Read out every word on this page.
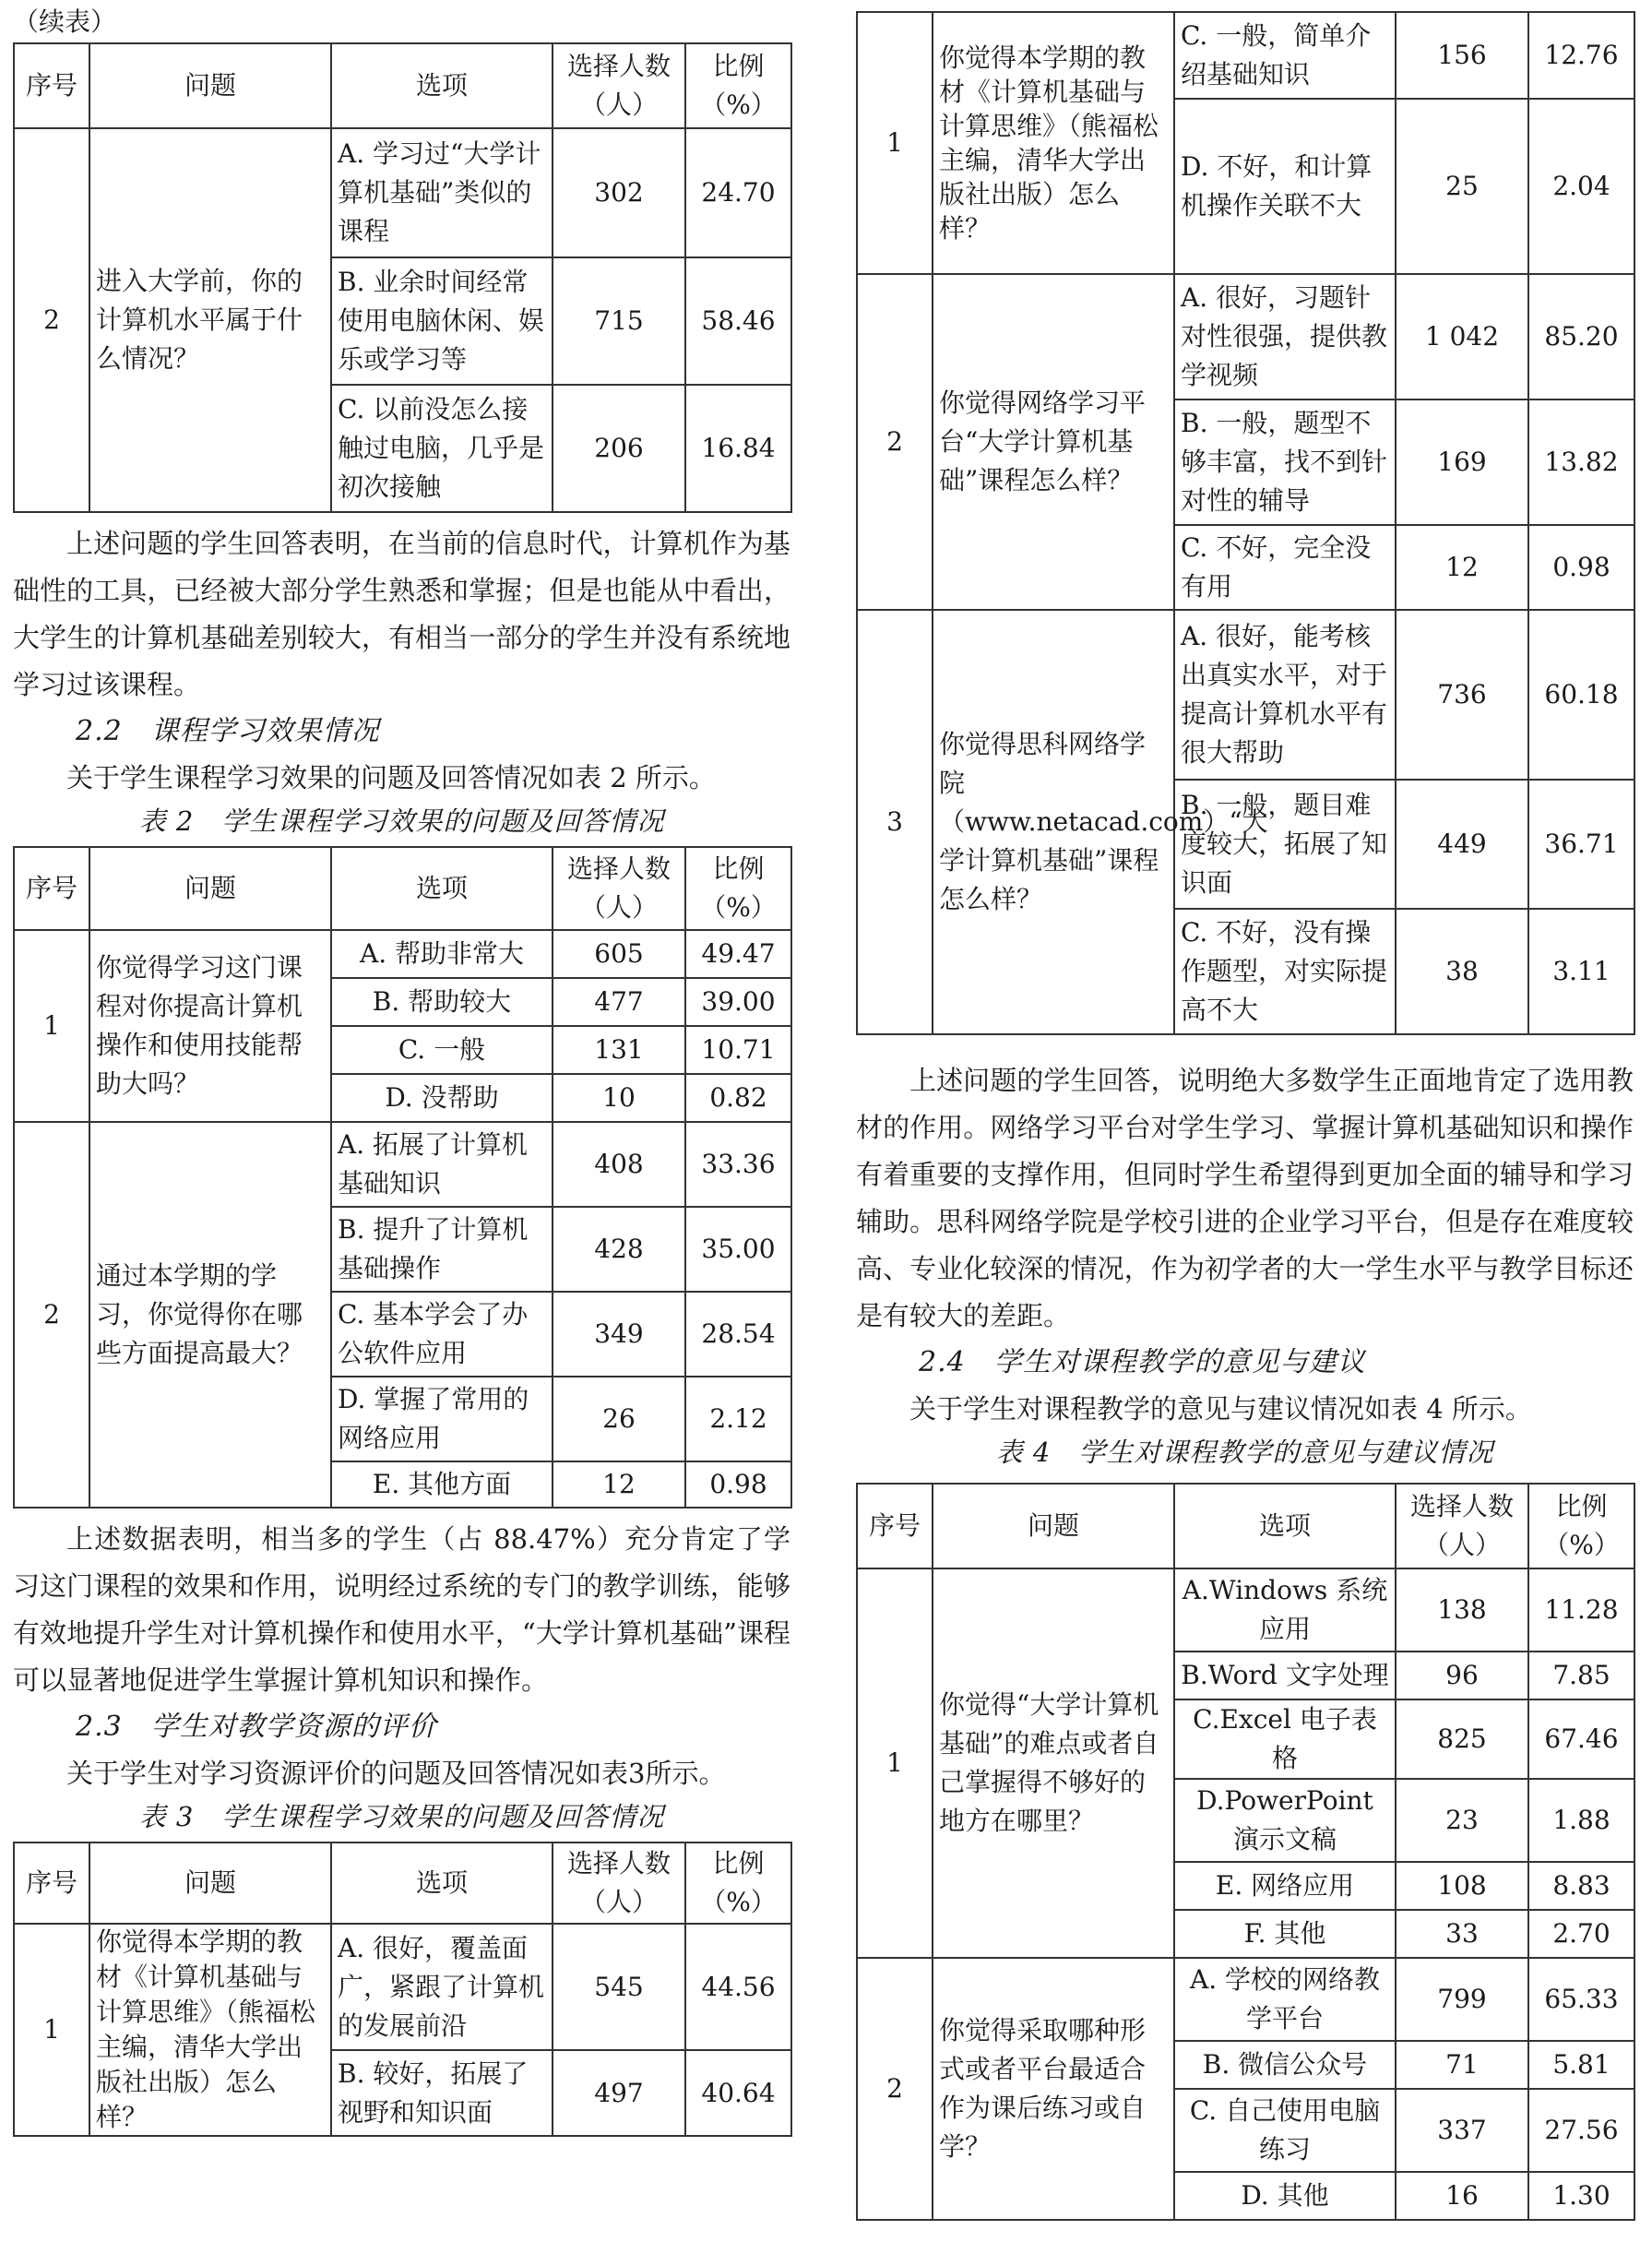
（续表）

序号	问题	选项	选择人数（人）	比例（%）
2	进入大学前，你的计算机水平属于什么情况？	A. 学习过“大学计算机基础”类似的课程	302	24.70
		B. 业余时间经常使用电脑休闲、娱乐或学习等	715	58.46
		C. 以前没怎么接触过电脑，几乎是初次接触	206	16.84

上述问题的学生回答表明，在当前的信息时代，计算机作为基础性的工具，已经被大部分学生熟悉和掌握；但是也能从中看出，大学生的计算机基础差别较大，有相当一部分的学生并没有系统地学习过该课程。

2.2　课程学习效果情况

关于学生课程学习效果的问题及回答情况如表 2 所示。

表 2　学生课程学习效果的问题及回答情况

序号	问题	选项	选择人数（人）	比例（%）
1	你觉得学习这门课程对你提高计算机操作和使用技能帮助大吗？	A. 帮助非常大	605	49.47
		B. 帮助较大	477	39.00
		C. 一般	131	10.71
		D. 没帮助	10	0.82
2	通过本学期的学习，你觉得你在哪些方面提高最大？	A. 拓展了计算机基础知识	408	33.36
		B. 提升了计算机基础操作	428	35.00
		C. 基本学会了办公软件应用	349	28.54
		D. 掌握了常用的网络应用	26	2.12
		E. 其他方面	12	0.98

上述数据表明，相当多的学生（占 88.47%）充分肯定了学习这门课程的效果和作用，说明经过系统的专门的教学训练，能够有效地提升学生对计算机操作和使用水平，“大学计算机基础”课程可以显著地促进学生掌握计算机知识和操作。

2.3　学生对教学资源的评价

关于学生对学习资源评价的问题及回答情况如表3所示。

表 3　学生课程学习效果的问题及回答情况

序号	问题	选项	选择人数（人）	比例（%）
1	你觉得本学期的教材《计算机基础与计算思维》（熊福松主编，清华大学出版社出版）怎么样？	A. 很好，覆盖面广，紧跟了计算机的发展前沿	545	44.56
		B. 较好，拓展了视野和知识面	497	40.64
1	你觉得本学期的教材《计算机基础与计算思维》（熊福松主编，清华大学出版社出版）怎么样？	C. 一般，简单介绍基础知识	156	12.76
		D. 不好，和计算机操作关联不大	25	2.04
2	你觉得网络学习平台“大学计算机基础”课程怎么样？	A. 很好，习题针对性很强，提供教学视频	1 042	85.20
		B. 一般，题型不够丰富，找不到针对性的辅导	169	13.82
		C. 不好，完全没有用	12	0.98
3	你觉得思科网络学院（www.netacad.com）“大学计算机基础”课程怎么样？	A. 很好，能考核出真实水平，对于提高计算机水平有很大帮助	736	60.18
		B. 一般，题目难度较大，拓展了知识面	449	36.71
		C. 不好，没有操作题型，对实际提高不大	38	3.11

上述问题的学生回答，说明绝大多数学生正面地肯定了选用教材的作用。网络学习平台对学生学习、掌握计算机基础知识和操作有着重要的支撑作用，但同时学生希望得到更加全面的辅导和学习辅助。思科网络学院是学校引进的企业学习平台，但是存在难度较高、专业化较深的情况，作为初学者的大一学生水平与教学目标还是有较大的差距。

2.4　学生对课程教学的意见与建议

关于学生对课程教学的意见与建议情况如表 4 所示。

表 4　学生对课程教学的意见与建议情况

序号	问题	选项	选择人数（人）	比例（%）
1	你觉得“大学计算机基础”的难点或者自己掌握得不够好的地方在哪里？	A.Windows 系统应用	138	11.28
		B.Word 文字处理	96	7.85
		C.Excel 电子表格	825	67.46
		D.PowerPoint 演示文稿	23	1.88
		E. 网络应用	108	8.83
		F. 其他	33	2.70
2	你觉得采取哪种形式或者平台最适合作为课后练习或自学？	A. 学校的网络教学平台	799	65.33
		B. 微信公众号	71	5.81
		C. 自己使用电脑练习	337	27.56
		D. 其他	16	1.30
